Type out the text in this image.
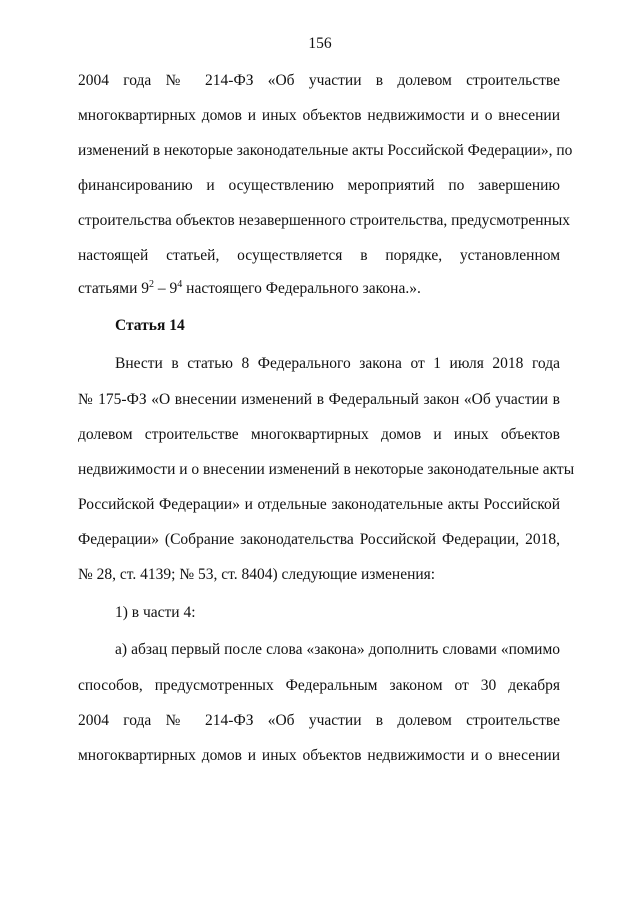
156
2004 года № 214-ФЗ «Об участии в долевом строительстве
многоквартирных домов и иных объектов недвижимости и о внесении
изменений в некоторые законодательные акты Российской Федерации», по
финансированию и осуществлению мероприятий по завершению
строительства объектов незавершенного строительства, предусмотренных
настоящей статьей, осуществляется в порядке, установленном
статьями $9^2 - 9^4$ настоящего Федерального закона.».
Статья 14
Внести в статью 8 Федерального закона от 1 июля 2018 года
№ 175-ФЗ «О внесении изменений в Федеральный закон «Об участии в
долевом строительстве многоквартирных домов и иных объектов
недвижимости и о внесении изменений в некоторые законодательные акты
Российской Федерации» и отдельные законодательные акты Российской
Федерации» (Собрание законодательства Российской Федерации, 2018,
№ 28, ст. 4139; № 53, ст. 8404) следующие изменения:
1) в части 4:
а) абзац первый после слова «закона» дополнить словами «помимо
способов, предусмотренных Федеральным законом от 30 декабря
2004 года № 214-ФЗ «Об участии в долевом строительстве
многоквартирных домов и иных объектов недвижимости и о внесении
